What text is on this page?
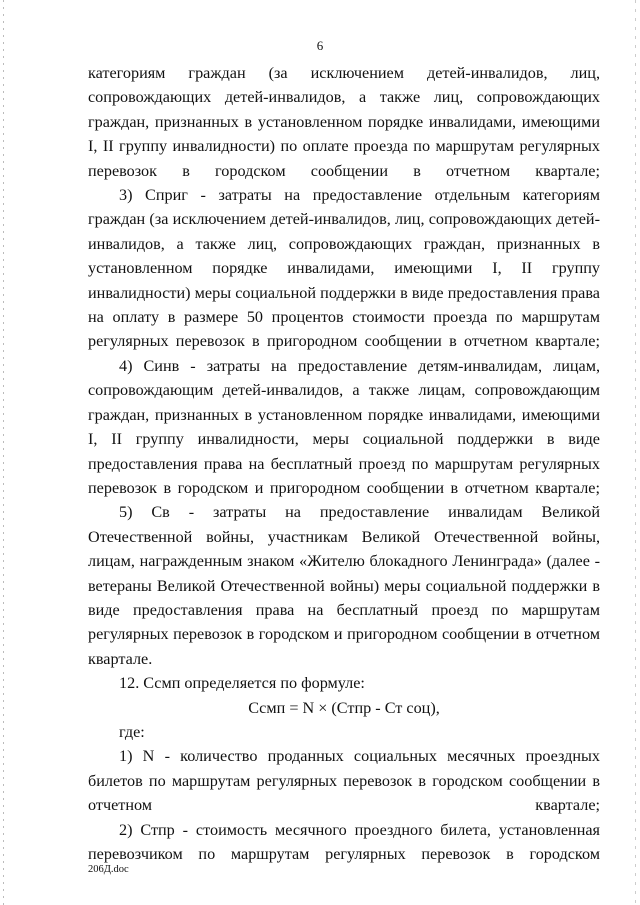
6

категориям граждан (за исключением детей-инвалидов, лиц, сопровождающих детей-инвалидов, а также лиц, сопровождающих граждан, признанных в установленном порядке инвалидами, имеющими I, II группу инвалидности) по оплате проезда по маршрутам регулярных перевозок в городском сообщении в отчетном квартале;

3) Сприг - затраты на предоставление отдельным категориям граждан (за исключением детей-инвалидов, лиц, сопровождающих детей-инвалидов, а также лиц, сопровождающих граждан, признанных в установленном порядке инвалидами, имеющими I, II группу инвалидности) меры социальной поддержки в виде предоставления права на оплату в размере 50 процентов стоимости проезда по маршрутам регулярных перевозок в пригородном сообщении в отчетном квартале;

4) Синв - затраты на предоставление детям-инвалидам, лицам, сопровождающим детей-инвалидов, а также лицам, сопровождающим граждан, признанных в установленном порядке инвалидами, имеющими I, II группу инвалидности, меры социальной поддержки в виде предоставления права на бесплатный проезд по маршрутам регулярных перевозок в городском и пригородном сообщении в отчетном квартале;

5) Св - затраты на предоставление инвалидам Великой Отечественной войны, участникам Великой Отечественной войны, лицам, награжденным знаком «Жителю блокадного Ленинграда» (далее - ветераны Великой Отечественной войны) меры социальной поддержки в виде предоставления права на бесплатный проезд по маршрутам регулярных перевозок в городском и пригородном сообщении в отчетном квартале.

12. Ссмп определяется по формуле:

Ссмп = N × (Стпр - Ст соц),

где:

1) N - количество проданных социальных месячных проездных билетов по маршрутам регулярных перевозок в городском сообщении в отчетном квартале;

2) Стпр - стоимость месячного проездного билета, установленная перевозчиком по маршрутам регулярных перевозок в городском

206Д.doc
